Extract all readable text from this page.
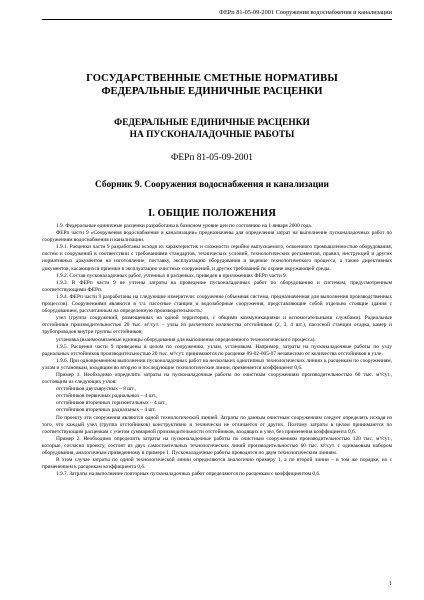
ФЕРп 81-05-09-2001 Сооружения водоснабжения и канализации
ГОСУДАРСТВЕННЫЕ СМЕТНЫЕ НОРМАТИВЫ
ФЕДЕРАЛЬНЫЕ ЕДИНИЧНЫЕ РАСЦЕНКИ
ФЕДЕРАЛЬНЫЕ ЕДИНИЧНЫЕ РАСЦЕНКИ
НА ПУСКОНАЛАДОЧНЫЕ РАБОТЫ
ФЕРп 81-05-09-2001
Сборник 9. Сооружения водоснабжения и канализации
I. ОБЩИЕ ПОЛОЖЕНИЯ

1.9. Федеральные единичные расценки разработаны в базисном уровне цен по состоянию на 1 января 2000 года.

ФЕРп части 9 «Сооружения водоснабжения и канализации» предназначены для определения затрат на выполнение пусконаладочных работ по сооружениям водоснабжения и канализации.

1.9.1. Расценки части 9 разработаны исходя из характеристик и сложности серийно выпускаемого, освоенного промышленностью оборудования, систем и сооружений в соответствии с требованиями стандартов, технических условий, технологических регламентов, правил, инструкций и других нормативных документов на изготовление, поставку, эксплуатацию оборудования и ведение технологического процесса, а также директивных документов, касающихся приемки в эксплуатацию очистных сооружений, и других требований по охране окружающей среды.

1.9.2. Состав пусконаладочных работ, учтенных в расценках, приведен в приложениях ФЕРп части 9.

1.9.3. В ФЕРп части 9 не учтены затраты на проведение пусконаладочных работ по оборудованию и системам, предусмотренным соответствующими ФЕРп.

1.9.4. ФЕРп части 9 разработаны на следующие измерители: сооружение (объемная система, предназначенная для выполнения производственных процессов). Сооружениями являются в т.ч. пасосные станции и водозаборные сооружения, представляющие собой отдельно стоящие здания с оборудованием, рассчитанным на определенную производительность;

узел (группа сооружений, размещенных на одной территории, с общими коммуникациями и вспомогательными службами). Радиальные отстойники производительностью 20 тыс. м³/сут. – узлы из расчетного количества отстойников (2, 3, 4 шт.), пасосной станции осадка, камер и трубопроводов внутри группы отстойников;

установка (взаимосвязанные единицы оборудования для выполнения определенного технологического процесса).

1.9.5. Расценки части 9 приведены в целом по сооружению, узлам, установкам. Например, затраты на пусконаладочные работы по узлу радиальных отстойников производительностью 20 тыс. м³/сут. принимаются по расценке 09-02-005-07 независимо от количества отстойников в узле.

1.9.6. При одновременном выполнении пусконаладочных работ на нескольких однотипных технологических линиях к расценкам по сооружениям, узлам и установкам, входящим во вторую и последующие технологические линии, применяется коэффициент 0,6.

Пример 1. Необходимо определить затраты на пусконаладочные работы по очистным сооружениям производительностью 60 тыс. м³/сут., состоящим из следующих узлов:

отстойников двухъярусных – 8 шт.,

отстойников первичных радиальных – 4 шт.,

отстойников вторичных горизонтальных – 4 шт.,

отстойников вторичных радиальных – 4 шт.

По проекту эти сооружения являются одной технологической линией. Затраты по данным очистным сооружениям следует определять исходя из того, что каждый узел (группа отстойников) конструктивно и технически не отличается от других. Поэтому затраты в целом принимаются по соответствующим расценкам с учетом суммарной производительности отстойников, входящих в узел, без применения коэффициента 0,6.

Пример 2. Необходимо определить затраты на пусконаладочные работы по очистным сооружениям производительностью 120 тыс. м³/сут., которые, согласно проекту, состоят из двух самостоятельных технологических линий производительностью 60 тыс. м³/сут. с одинаковым набором оборудования, аналогичным приведенному в примере 1. Пусконаладочные работы проводятся по двум технологическим линиям.

В этом случае затраты по одной технологической линии определяются аналогично примеру 1, а по второй линии – в том же порядке, но с применением к расценкам коэффициента 0,6.

1.9.7. Затраты на выполнение повторных пусконаладочных работ определяются по расценкам с коэффициентом 0,6.

1
